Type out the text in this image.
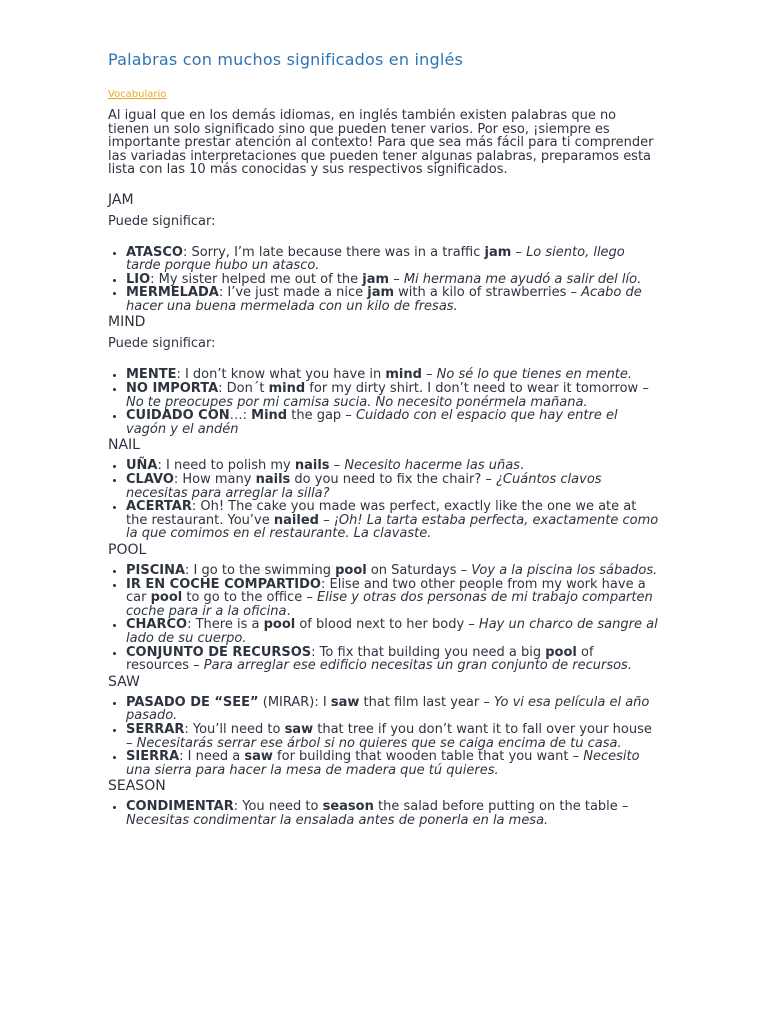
Palabras con muchos significados en inglés
Vocabulario

Al igual que en los demás idiomas, en inglés también existen palabras que no tienen un solo significado sino que pueden tener varios. Por eso, ¡siempre es importante prestar atención al contexto! Para que sea más fácil para ti comprender las variadas interpretaciones que pueden tener algunas palabras, preparamos esta lista con las 10 más conocidas y sus respectivos significados.

JAM

Puede significar:

• ATASCO: Sorry, I’m late because there was in a traffic jam – Lo siento, llego tarde porque hubo un atasco.
• LIO: My sister helped me out of the jam – Mi hermana me ayudó a salir del lío.
• MERMELADA: I’ve just made a nice jam with a kilo of strawberries – Acabo de hacer una buena mermelada con un kilo de fresas.
MIND

Puede significar:

• MENTE: I don’t know what you have in mind – No sé lo que tienes en mente.
• NO IMPORTA: Don´t mind for my dirty shirt. I don’t need to wear it tomorrow – No te preocupes por mi camisa sucia. No necesito ponérmela mañana.
• CUIDADO CON…: Mind the gap – Cuidado con el espacio que hay entre el vagón y el andén
NAIL
• UÑA: I need to polish my nails – Necesito hacerme las uñas.
• CLAVO: How many nails do you need to fix the chair? – ¿Cuántos clavos necesitas para arreglar la silla?
• ACERTAR: Oh! The cake you made was perfect, exactly like the one we ate at the restaurant. You’ve nailed – ¡Oh! La tarta estaba perfecta, exactamente como la que comimos en el restaurante. La clavaste.
POOL
• PISCINA: I go to the swimming pool on Saturdays – Voy a la piscina los sábados.
• IR EN COCHE COMPARTIDO: Elise and two other people from my work have a car pool to go to the office – Elise y otras dos personas de mi trabajo comparten coche para ir a la oficina.
• CHARCO: There is a pool of blood next to her body – Hay un charco de sangre al lado de su cuerpo.
• CONJUNTO DE RECURSOS: To fix that building you need a big pool of resources – Para arreglar ese edificio necesitas un gran conjunto de recursos.
SAW
• PASADO DE “SEE” (MIRAR): I saw that film last year – Yo vi esa película el año pasado.
• SERRAR: You’ll need to saw that tree if you don’t want it to fall over your house – Necesitarás serrar ese árbol si no quieres que se caiga encima de tu casa.
• SIERRA: I need a saw for building that wooden table that you want – Necesito una sierra para hacer la mesa de madera que tú quieres.
SEASON
• CONDIMENTAR: You need to season the salad before putting on the table – Necesitas condimentar la ensalada antes de ponerla en la mesa.
